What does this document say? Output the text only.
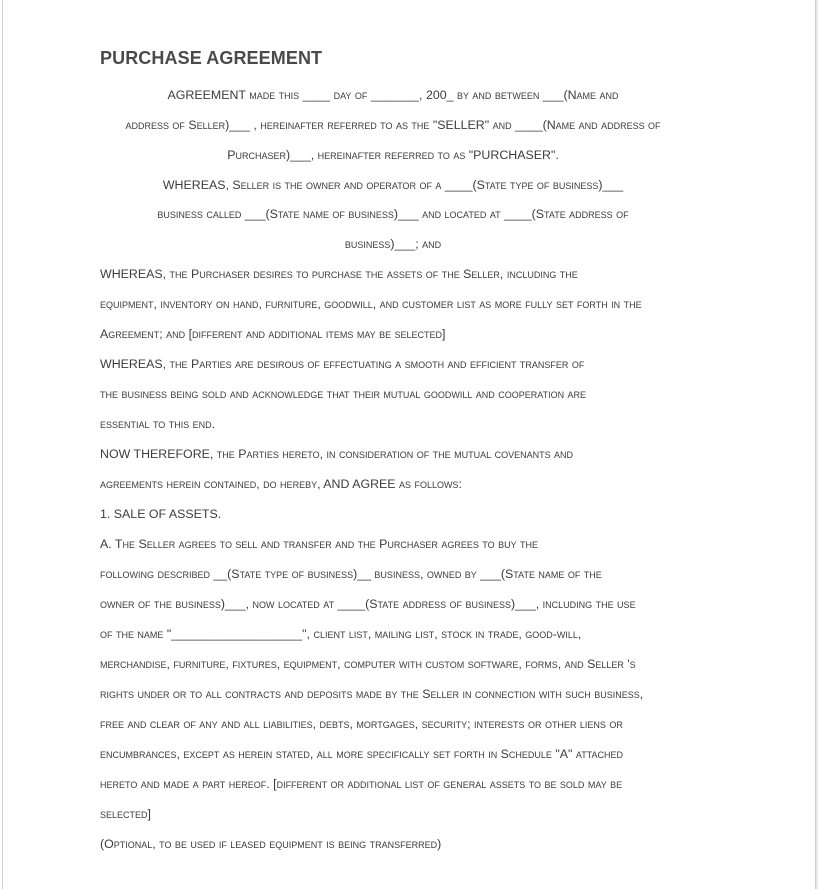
PURCHASE AGREEMENT
AGREEMENT made this ____ day of _______, 200_ by and between ___(Name and
address of Seller)___ , hereinafter referred to as the "SELLER" and ____(Name and address of
Purchaser)___, hereinafter referred to as "PURCHASER".
WHEREAS, Seller is the owner and operator of a ____(State type of business)___
business called ___(State name of business)___ and located at ____(State address of
business)___; and
WHEREAS, the Purchaser desires to purchase the assets of the Seller, including the
equipment, inventory on hand, furniture, goodwill, and customer list as more fully set forth in the
Agreement; and [different and additional items may be selected]
WHEREAS, the Parties are desirous of effectuating a smooth and efficient transfer of
the business being sold and acknowledge that their mutual goodwill and cooperation are
essential to this end.
NOW THEREFORE, the Parties hereto, in consideration of the mutual covenants and
agreements herein contained, do hereby, AND AGREE as follows:
1. SALE OF ASSETS.
A. The Seller agrees to sell and transfer and the Purchaser agrees to buy the
following described __(State type of business)__ business, owned by ___(State name of the
owner of the business)___, now located at ____(State address of business)___, including the use
of the name "___________________", client list, mailing list, stock in trade, good-will,
merchandise, furniture, fixtures, equipment, computer with custom software, forms, and Seller 's
rights under or to all contracts and deposits made by the Seller in connection with such business,
free and clear of any and all liabilities, debts, mortgages, security; interests or other liens or
encumbrances, except as herein stated, all more specifically set forth in Schedule "A" attached
hereto and made a part hereof. [different or additional list of general assets to be sold may be
selected]
(Optional, to be used if leased equipment is being transferred)
